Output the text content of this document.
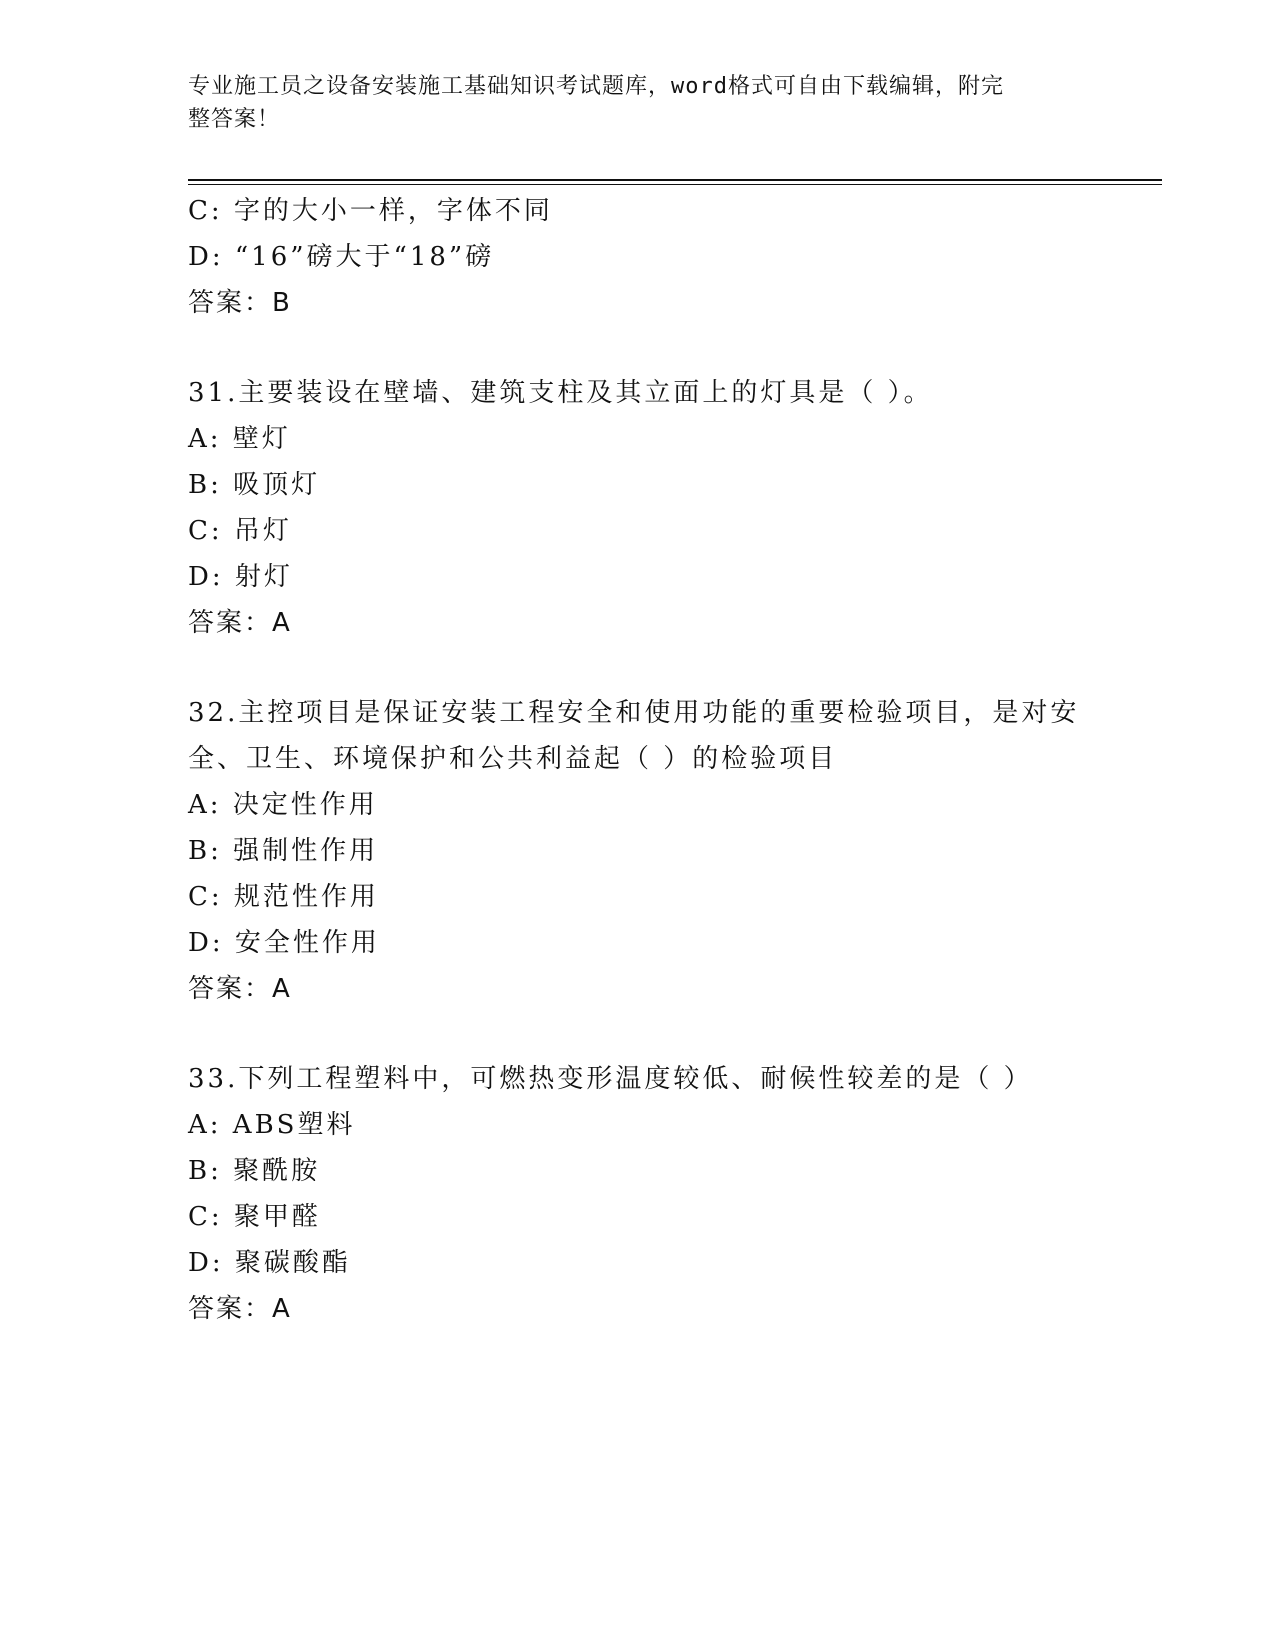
专业施工员之设备安装施工基础知识考试题库，word格式可自由下载编辑，附完
整答案！
C: 字的大小一样，字体不同
D: “16”磅大于“18”磅
答案：B
31.主要装设在壁墙、建筑支柱及其立面上的灯具是（ ）。
A: 壁灯
B: 吸顶灯
C: 吊灯
D: 射灯
答案：A
32.主控项目是保证安装工程安全和使用功能的重要检验项目，是对安
全、卫生、环境保护和公共利益起（ ）的检验项目
A: 决定性作用
B: 强制性作用
C: 规范性作用
D: 安全性作用
答案：A
33.下列工程塑料中，可燃热变形温度较低、耐候性较差的是（ ）
A: ABS塑料
B: 聚酰胺
C: 聚甲醛
D: 聚碳酸酯
答案：A
